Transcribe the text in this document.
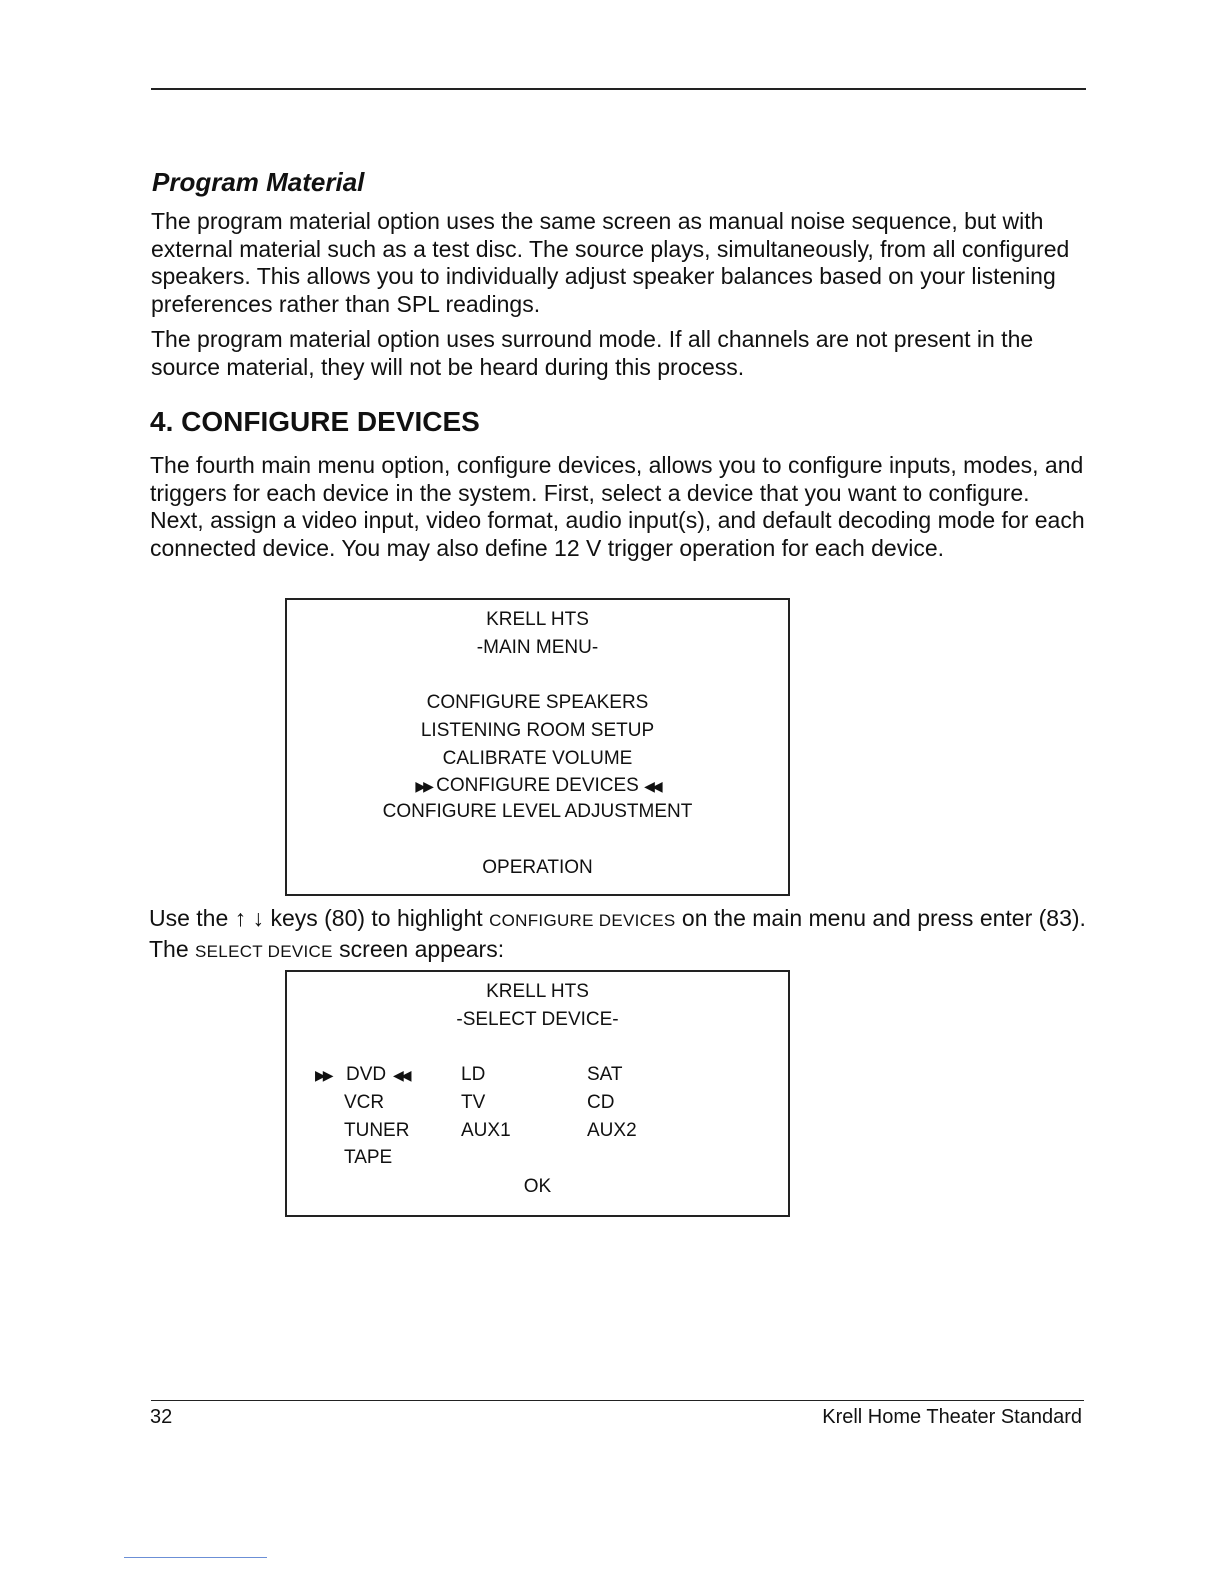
Program Material

The program material option uses the same screen as manual noise sequence, but with external material such as a test disc. The source plays, simultaneously, from all configured speakers. This allows you to individually adjust speaker balances based on your listening preferences rather than SPL readings.

The program material option uses surround mode. If all channels are not present in the source material, they will not be heard during this process.

4. CONFIGURE DEVICES

The fourth main menu option, configure devices, allows you to configure inputs, modes, and triggers for each device in the system. First, select a device that you want to configure. Next, assign a video input, video format, audio input(s), and default decoding mode for each connected device. You may also define 12 V trigger operation for each device.

KRELL HTS
-MAIN MENU-
CONFIGURE SPEAKERS
LISTENING ROOM SETUP
CALIBRATE VOLUME
▶▶ CONFIGURE DEVICES ◀◀
CONFIGURE LEVEL ADJUSTMENT
OPERATION

Use the ↑ ↓ keys (80) to highlight CONFIGURE DEVICES on the main menu and press enter (83). The SELECT DEVICE screen appears:

KRELL HTS
-SELECT DEVICE-
▶▶ DVD ◀◀
VCR
TUNER
TAPE
LD
TV
AUX1
SAT
CD
AUX2
OK
32	Krell Home Theater Standard
